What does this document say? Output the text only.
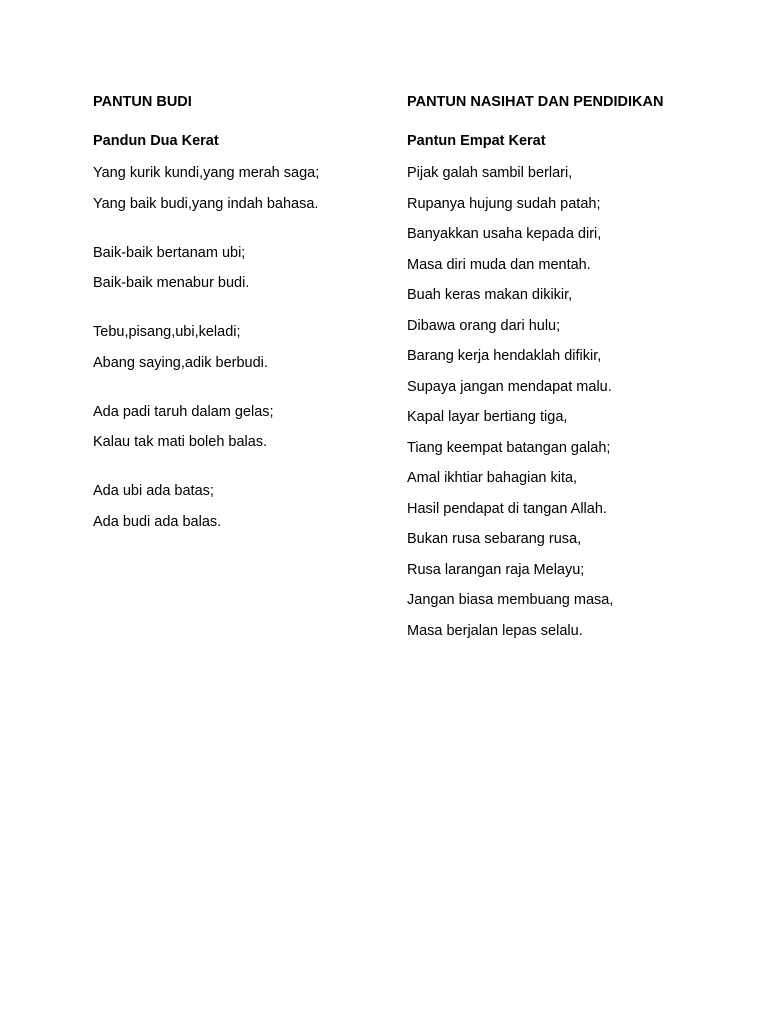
PANTUN BUDI
Pandun Dua Kerat
Yang kurik kundi,yang merah saga;
Yang baik budi,yang indah bahasa.
Baik-baik bertanam ubi;
Baik-baik menabur budi.
Tebu,pisang,ubi,keladi;
Abang saying,adik berbudi.
Ada padi taruh dalam gelas;
Kalau tak mati boleh balas.
Ada ubi ada batas;
Ada budi ada balas.
PANTUN NASIHAT DAN PENDIDIKAN
Pantun Empat Kerat
Pijak galah sambil berlari,
Rupanya hujung sudah patah;
Banyakkan usaha kepada diri,
Masa diri muda dan mentah.
Buah keras makan dikikir,
Dibawa orang dari hulu;
Barang kerja hendaklah difikir,
Supaya jangan mendapat malu.
Kapal layar bertiang tiga,
Tiang keempat batangan galah;
Amal ikhtiar bahagian kita,
Hasil pendapat di tangan Allah.
Bukan rusa sebarang rusa,
Rusa larangan raja Melayu;
Jangan biasa membuang masa,
Masa berjalan lepas selalu.
